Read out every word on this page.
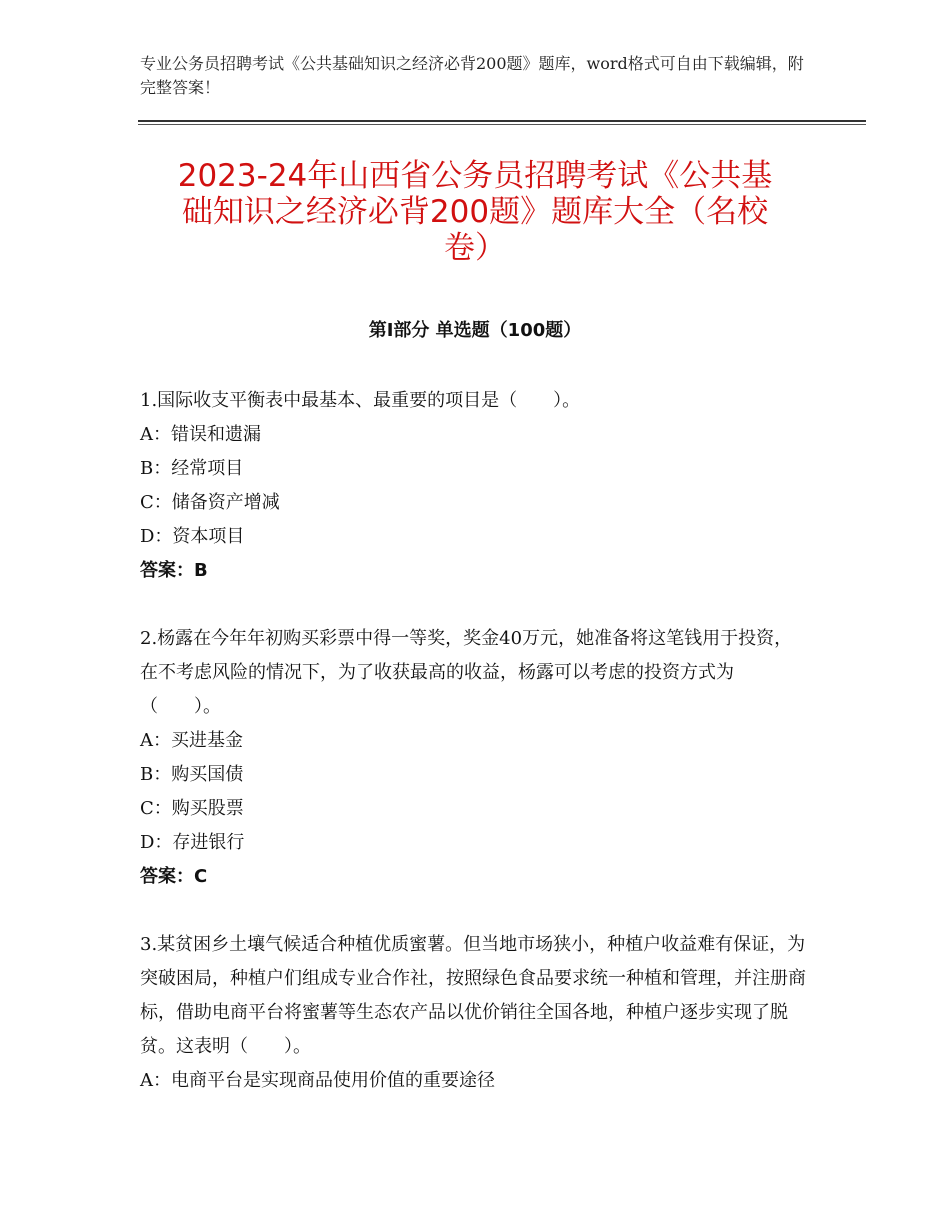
专业公务员招聘考试《公共基础知识之经济必背200题》题库，word格式可自由下载编辑，附完整答案！
2023-24年山西省公务员招聘考试《公共基
础知识之经济必背200题》题库大全（名校
卷）
第Ⅰ部分 单选题（100题）
1.国际收支平衡表中最基本、最重要的项目是（　　）。
A：错误和遗漏
B：经常项目
C：储备资产增减
D：资本项目
答案：B
2.杨露在今年年初购买彩票中得一等奖，奖金40万元，她准备将这笔钱用于投资，在不考虑风险的情况下，为了收获最高的收益，杨露可以考虑的投资方式为（　　）。
A：买进基金
B：购买国债
C：购买股票
D：存进银行
答案：C
3.某贫困乡土壤气候适合种植优质蜜薯。但当地市场狭小，种植户收益难有保证，为突破困局，种植户们组成专业合作社，按照绿色食品要求统一种植和管理，并注册商标，借助电商平台将蜜薯等生态农产品以优价销往全国各地，种植户逐步实现了脱贫。这表明（　　）。
A：电商平台是实现商品使用价值的重要途径
